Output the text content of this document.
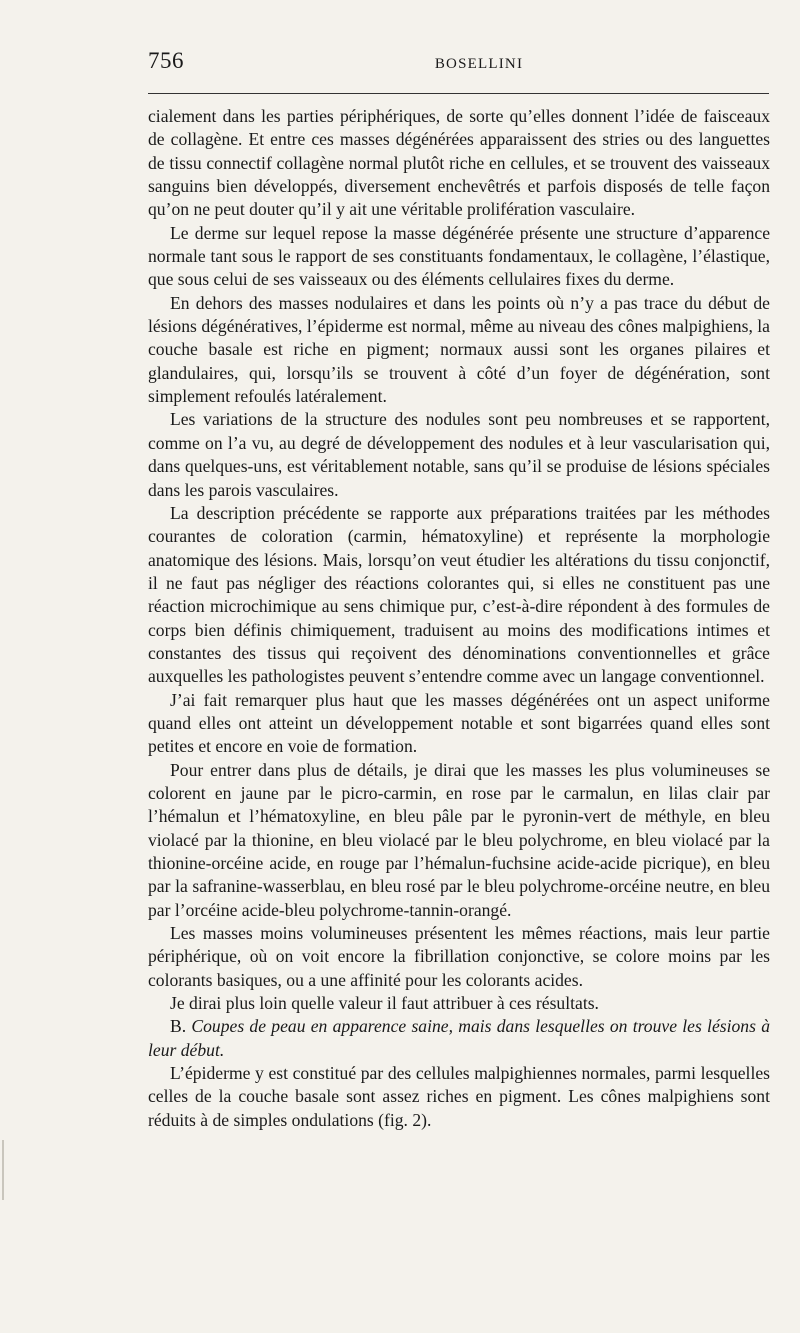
756	BOSELLINI

cialement dans les parties périphériques, de sorte qu’elles donnent l’idée de faisceaux de collagène. Et entre ces masses dégénérées apparaissent des stries ou des languettes de tissu connectif collagène normal plutôt riche en cellules, et se trouvent des vaisseaux sanguins bien développés, diversement enchevêtrés et parfois disposés de telle façon qu’on ne peut douter qu’il y ait une véritable prolifération vasculaire.

Le derme sur lequel repose la masse dégénérée présente une structure d’apparence normale tant sous le rapport de ses constituants fondamentaux, le collagène, l’élastique, que sous celui de ses vaisseaux ou des éléments cellulaires fixes du derme.

En dehors des masses nodulaires et dans les points où n’y a pas trace du début de lésions dégénératives, l’épiderme est normal, même au niveau des cônes malpighiens, la couche basale est riche en pigment; normaux aussi sont les organes pilaires et glandulaires, qui, lorsqu’ils se trouvent à côté d’un foyer de dégénération, sont simplement refoulés latéralement.

Les variations de la structure des nodules sont peu nombreuses et se rapportent, comme on l’a vu, au degré de développement des nodules et à leur vascularisation qui, dans quelques-uns, est véritablement notable, sans qu’il se produise de lésions spéciales dans les parois vasculaires.

La description précédente se rapporte aux préparations traitées par les méthodes courantes de coloration (carmin, hématoxyline) et représente la morphologie anatomique des lésions. Mais, lorsqu’on veut étudier les altérations du tissu conjonctif, il ne faut pas négliger des réactions colorantes qui, si elles ne constituent pas une réaction microchimique au sens chimique pur, c’est-à-dire répondent à des formules de corps bien définis chimiquement, traduisent au moins des modifications intimes et constantes des tissus qui reçoivent des dénominations conventionnelles et grâce auxquelles les pathologistes peuvent s’entendre comme avec un langage conventionnel.

J’ai fait remarquer plus haut que les masses dégénérées ont un aspect uniforme quand elles ont atteint un développement notable et sont bigarrées quand elles sont petites et encore en voie de formation.

Pour entrer dans plus de détails, je dirai que les masses les plus volumineuses se colorent en jaune par le picro-carmin, en rose par le carmalun, en lilas clair par l’hémalun et l’hématoxyline, en bleu pâle par le pyronin-vert de méthyle, en bleu violacé par la thionine, en bleu violacé par le bleu polychrome, en bleu violacé par la thionine-orcéine acide, en rouge par l’hémalun-fuchsine acide-acide picrique), en bleu par la safranine-wasserblau, en bleu rosé par le bleu polychrome-orcéine neutre, en bleu par l’orcéine acide-bleu polychrome-tannin-orangé.

Les masses moins volumineuses présentent les mêmes réactions, mais leur partie périphérique, où on voit encore la fibrillation conjonctive, se colore moins par les colorants basiques, ou a une affinité pour les colorants acides.

Je dirai plus loin quelle valeur il faut attribuer à ces résultats.

B. Coupes de peau en apparence saine, mais dans lesquelles on trouve les lésions à leur début.

L’épiderme y est constitué par des cellules malpighiennes normales, parmi lesquelles celles de la couche basale sont assez riches en pigment. Les cônes malpighiens sont réduits à de simples ondulations (fig. 2).
